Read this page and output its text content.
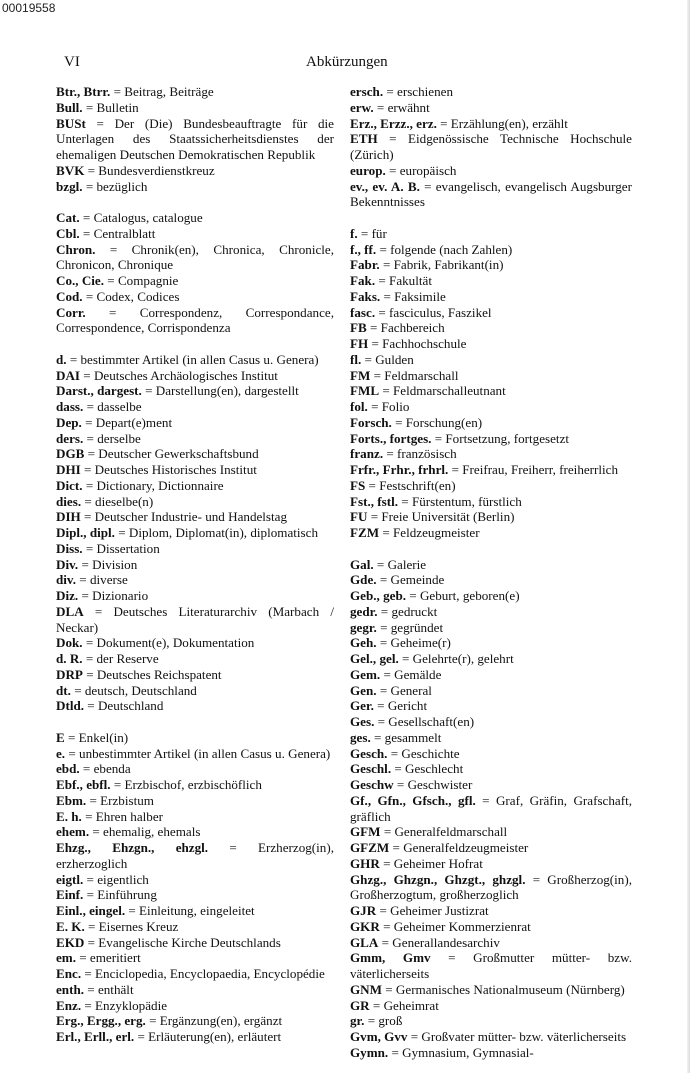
00019558
VI	Abkürzungen
Btr., Btrr. = Beitrag, Beiträge
Bull. = Bulletin
BUSt = Der (Die) Bundesbeauftragte für die Unterlagen des Staatssicherheitsdienstes der ehemaligen Deutschen Demokratischen Republik
BVK = Bundesverdienstkreuz
bzgl. = bezüglich
Cat. = Catalogus, catalogue
Cbl. = Centralblatt
Chron. = Chronik(en), Chronica, Chronicle, Chronicon, Chronique
Co., Cie. = Compagnie
Cod. = Codex, Codices
Corr. = Correspondenz, Correspondance, Correspondence, Corrispondenza
d. = bestimmter Artikel (in allen Casus u. Genera)
DAI = Deutsches Archäologisches Institut
Darst., dargest. = Darstellung(en), dargestellt
dass. = dasselbe
Dep. = Depart(e)ment
ders. = derselbe
DGB = Deutscher Gewerkschaftsbund
DHI = Deutsches Historisches Institut
Dict. = Dictionary, Dictionnaire
dies. = dieselbe(n)
DIH = Deutscher Industrie- und Handelstag
Dipl., dipl. = Diplom, Diplomat(in), diplomatisch
Diss. = Dissertation
Div. = Division
div. = diverse
Diz. = Dizionario
DLA = Deutsches Literaturarchiv (Marbach / Neckar)
Dok. = Dokument(e), Dokumentation
d. R. = der Reserve
DRP = Deutsches Reichspatent
dt. = deutsch, Deutschland
Dtld. = Deutschland
E = Enkel(in)
e. = unbestimmter Artikel (in allen Casus u. Genera)
ebd. = ebenda
Ebf., ebfl. = Erzbischof, erzbischöflich
Ebm. = Erzbistum
E. h. = Ehren halber
ehem. = ehemalig, ehemals
Ehzg., Ehzgn., ehzgl. = Erzherzog(in), erzherzoglich
eigtl. = eigentlich
Einf. = Einführung
Einl., eingel. = Einleitung, eingeleitet
E. K. = Eisernes Kreuz
EKD = Evangelische Kirche Deutschlands
em. = emeritiert
Enc. = Enciclopedia, Encyclopaedia, Encyclopédie
enth. = enthält
Enz. = Enzyklopädie
Erg., Ergg., erg. = Ergänzung(en), ergänzt
Erl., Erll., erl. = Erläuterung(en), erläutert
ersch. = erschienen
erw. = erwähnt
Erz., Erzz., erz. = Erzählung(en), erzählt
ETH = Eidgenössische Technische Hochschule (Zürich)
europ. = europäisch
ev., ev. A. B. = evangelisch, evangelisch Augsburger Bekenntnisses
f. = für
f., ff. = folgende (nach Zahlen)
Fabr. = Fabrik, Fabrikant(in)
Fak. = Fakultät
Faks. = Faksimile
fasc. = fasciculus, Faszikel
FB = Fachbereich
FH = Fachhochschule
fl. = Gulden
FM = Feldmarschall
FML = Feldmarschalleutnant
fol. = Folio
Forsch. = Forschung(en)
Forts., fortges. = Fortsetzung, fortgesetzt
franz. = französisch
Frfr., Frhr., frhrl. = Freifrau, Freiherr, freiherrlich
FS = Festschrift(en)
Fst., fstl. = Fürstentum, fürstlich
FU = Freie Universität (Berlin)
FZM = Feldzeugmeister
Gal. = Galerie
Gde. = Gemeinde
Geb., geb. = Geburt, geboren(e)
gedr. = gedruckt
gegr. = gegründet
Geh. = Geheime(r)
Gel., gel. = Gelehrte(r), gelehrt
Gem. = Gemälde
Gen. = General
Ger. = Gericht
Ges. = Gesellschaft(en)
ges. = gesammelt
Gesch. = Geschichte
Geschl. = Geschlecht
Geschw = Geschwister
Gf., Gfn., Gfsch., gfl. = Graf, Gräfin, Grafschaft, gräflich
GFM = Generalfeldmarschall
GFZM = Generalfeldzeugmeister
GHR = Geheimer Hofrat
Ghzg., Ghzgn., Ghzgt., ghzgl. = Großherzog(in), Großherzogtum, großherzoglich
GJR = Geheimer Justizrat
GKR = Geheimer Kommerzienrat
GLA = Generallandesarchiv
Gmm, Gmv = Großmutter mütter- bzw. väterlicherseits
GNM = Germanisches Nationalmuseum (Nürnberg)
GR = Geheimrat
gr. = groß
Gvm, Gvv = Großvater mütter- bzw. väterlicherseits
Gymn. = Gymnasium, Gymnasial-
